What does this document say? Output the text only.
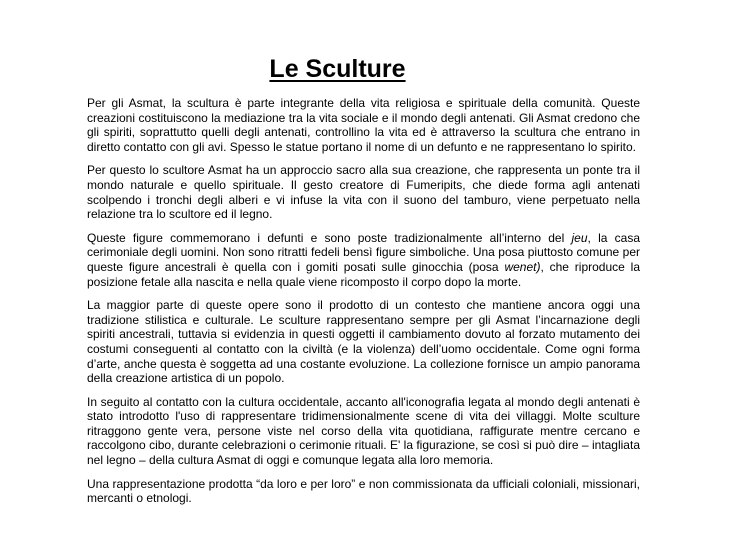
Le Sculture

Per gli Asmat, la scultura è parte integrante della vita religiosa e spirituale della comunità. Queste creazioni costituiscono la mediazione tra la vita sociale e il mondo degli antenati. Gli Asmat credono che gli spiriti, soprattutto quelli degli antenati, controllino la vita ed è attraverso la scultura che entrano in diretto contatto con gli avi. Spesso le statue portano il nome di un defunto e ne rappresentano lo spirito.

Per questo lo scultore Asmat ha un approccio sacro alla sua creazione, che rappresenta un ponte tra il mondo naturale e quello spirituale. Il gesto creatore di Fumeripits, che diede forma agli antenati scolpendo i tronchi degli alberi e vi infuse la vita con il suono del tamburo, viene perpetuato nella relazione tra lo scultore ed il legno.

Queste figure commemorano i defunti e sono poste tradizionalmente all’interno del jeu, la casa cerimoniale degli uomini. Non sono ritratti fedeli bensì figure simboliche. Una posa piuttosto comune per queste figure ancestrali è quella con i gomiti posati sulle ginocchia (posa wenet), che riproduce la posizione fetale alla nascita e nella quale viene ricomposto il corpo dopo la morte.

La maggior parte di queste opere sono il prodotto di un contesto che mantiene ancora oggi una tradizione stilistica e culturale. Le sculture rappresentano sempre per gli Asmat l’incarnazione degli spiriti ancestrali, tuttavia si evidenzia in questi oggetti il cambiamento dovuto al forzato mutamento dei costumi conseguenti al contatto con la civiltà (e la violenza) dell’uomo occidentale. Come ogni forma d’arte, anche questa è soggetta ad una costante evoluzione. La collezione fornisce un ampio panorama della creazione artistica di un popolo.

In seguito al contatto con la cultura occidentale, accanto all'iconografia legata al mondo degli antenati è stato introdotto l'uso di rappresentare tridimensionalmente scene di vita dei villaggi. Molte sculture ritraggono gente vera, persone viste nel corso della vita quotidiana, raffigurate mentre cercano e raccolgono cibo, durante celebrazioni o cerimonie rituali. E' la figurazione, se così si può dire – intagliata nel legno – della cultura Asmat di oggi e comunque legata alla loro memoria.

Una rappresentazione prodotta “da loro e per loro” e non commissionata da ufficiali coloniali, missionari, mercanti o etnologi.
